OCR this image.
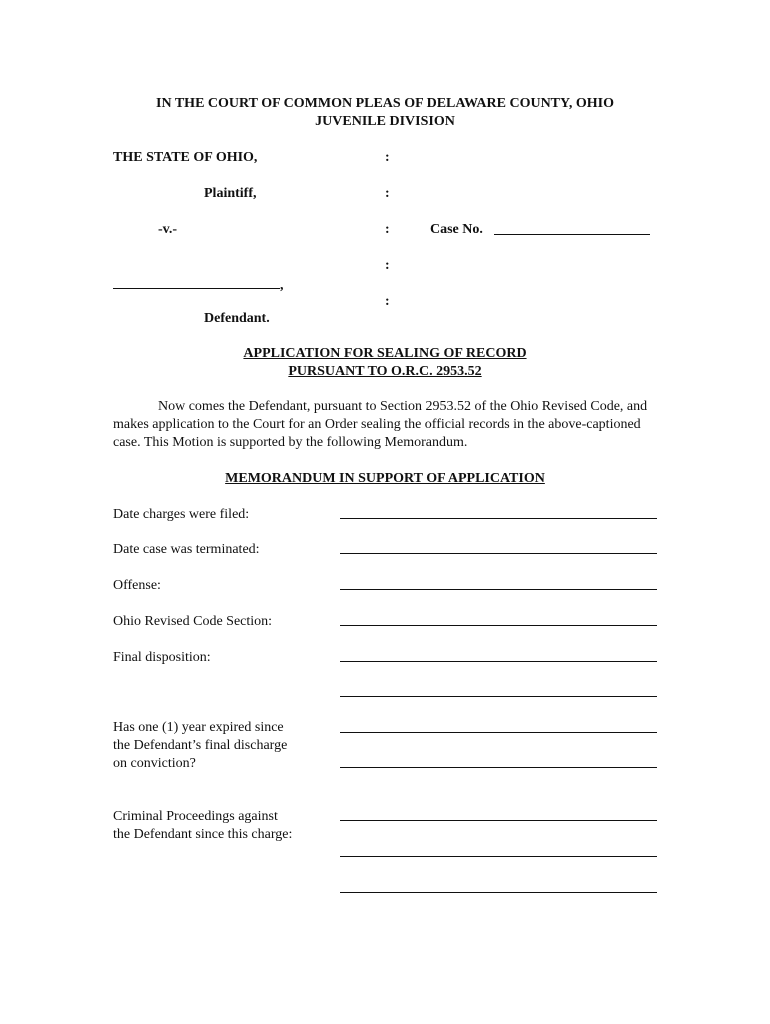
IN THE COURT OF COMMON PLEAS OF DELAWARE COUNTY, OHIO
JUVENILE DIVISION
THE STATE OF OHIO,	:
Plaintiff,	:
-v.-	:	Case No.
:
,
:
Defendant.
APPLICATION FOR SEALING OF RECORD
PURSUANT TO O.R.C. 2953.52
Now comes the Defendant, pursuant to Section 2953.52 of the Ohio Revised Code, and makes application to the Court for an Order sealing the official records in the above-captioned case. This Motion is supported by the following Memorandum.
MEMORANDUM IN SUPPORT OF APPLICATION
Date charges were filed:
Date case was terminated:
Offense:
Ohio Revised Code Section:
Final disposition:
Has one (1) year expired since
the Defendant’s final discharge
on conviction?
Criminal Proceedings against
the Defendant since this charge:
